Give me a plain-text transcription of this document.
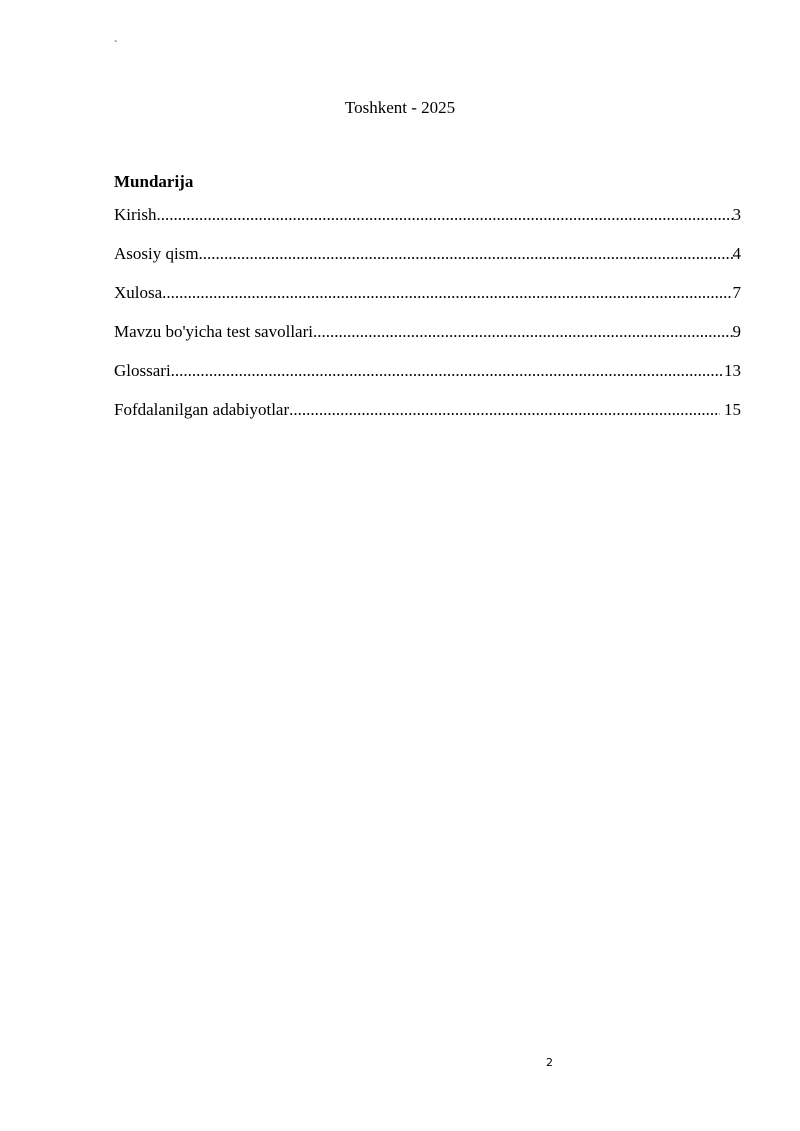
`
Toshkent - 2025
Mundarija
Kirish .....	3
Asosiy qism .....	4
Xulosa .....	7
Mavzu bo'yicha test savollari .....	9
Glossari .....	13
Fofdalanilgan adabiyotlar .....	15
2
